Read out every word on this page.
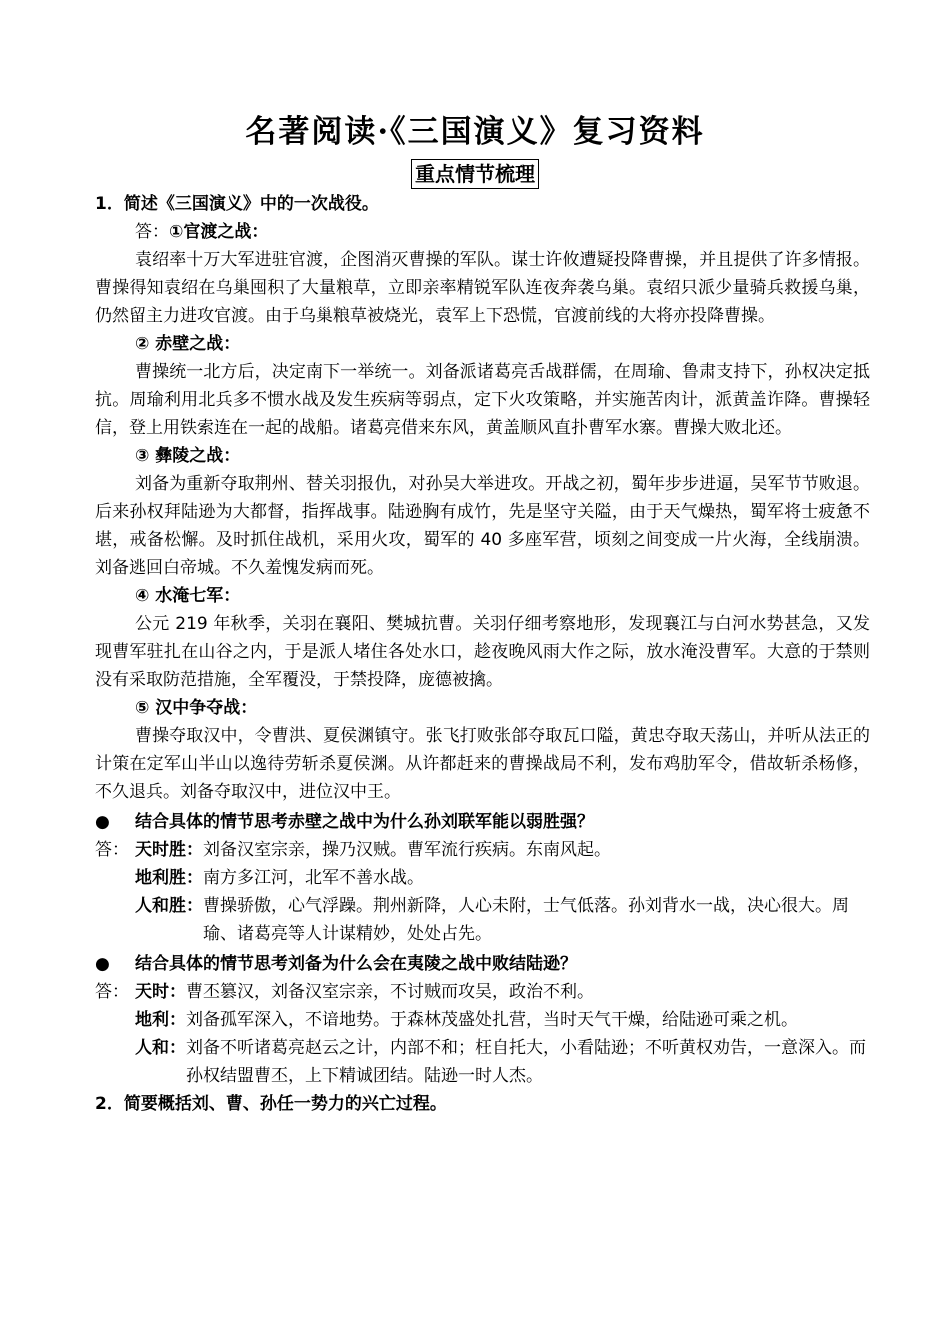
名著阅读·《三国演义》复习资料
重点情节梳理

1．简述《三国演义》中的一次战役。

答：①官渡之战：

袁绍率十万大军进驻官渡，企图消灭曹操的军队。谋士许攸遭疑投降曹操，并且提供了许多情报。曹操得知袁绍在乌巢囤积了大量粮草，立即亲率精锐军队连夜奔袭乌巢。袁绍只派少量骑兵救援乌巢，仍然留主力进攻官渡。由于乌巢粮草被烧光，袁军上下恐慌，官渡前线的大将亦投降曹操。

② 赤壁之战：

曹操统一北方后，决定南下一举统一。刘备派诸葛亮舌战群儒，在周瑜、鲁肃支持下，孙权决定抵抗。周瑜利用北兵多不惯水战及发生疾病等弱点，定下火攻策略，并实施苦肉计，派黄盖诈降。曹操轻信，登上用铁索连在一起的战船。诸葛亮借来东风，黄盖顺风直扑曹军水寨。曹操大败北还。

③ 彝陵之战：

刘备为重新夺取荆州、替关羽报仇，对孙吴大举进攻。开战之初，蜀年步步进逼，吴军节节败退。后来孙权拜陆逊为大都督，指挥战事。陆逊胸有成竹，先是坚守关隘，由于天气燥热，蜀军将士疲惫不堪，戒备松懈。及时抓住战机，采用火攻，蜀军的 40 多座军营，顷刻之间变成一片火海，全线崩溃。刘备逃回白帝城。不久羞愧发病而死。

④ 水淹七军：

公元 219 年秋季，关羽在襄阳、樊城抗曹。关羽仔细考察地形，发现襄江与白河水势甚急，又发现曹军驻扎在山谷之内，于是派人堵住各处水口，趁夜晚风雨大作之际，放水淹没曹军。大意的于禁则没有采取防范措施，全军覆没，于禁投降，庞德被擒。

⑤ 汉中争夺战：

曹操夺取汉中，令曹洪、夏侯渊镇守。张飞打败张郃夺取瓦口隘，黄忠夺取天荡山，并听从法正的计策在定军山半山以逸待劳斩杀夏侯渊。从许都赶来的曹操战局不利，发布鸡肋军令，借故斩杀杨修，不久退兵。刘备夺取汉中，进位汉中王。

● 结合具体的情节思考赤壁之战中为什么孙刘联军能以弱胜强？

答： 天时胜： 刘备汉室宗亲，操乃汉贼。曹军流行疾病。东南风起。
地利胜： 南方多江河，北军不善水战。
人和胜： 曹操骄傲，心气浮躁。荆州新降，人心未附，士气低落。孙刘背水一战，决心很大。周瑜、诸葛亮等人计谋精妙，处处占先。

● 结合具体的情节思考刘备为什么会在夷陵之战中败结陆逊？

答： 天时： 曹丕篡汉，刘备汉室宗亲，不讨贼而攻吴，政治不利。
地利： 刘备孤军深入，不谙地势。于森林茂盛处扎营，当时天气干燥，给陆逊可乘之机。
人和： 刘备不听诸葛亮赵云之计，内部不和；枉自托大，小看陆逊；不听黄权劝告，一意深入。而孙权结盟曹丕，上下精诚团结。陆逊一时人杰。

2．简要概括刘、曹、孙任一势力的兴亡过程。
